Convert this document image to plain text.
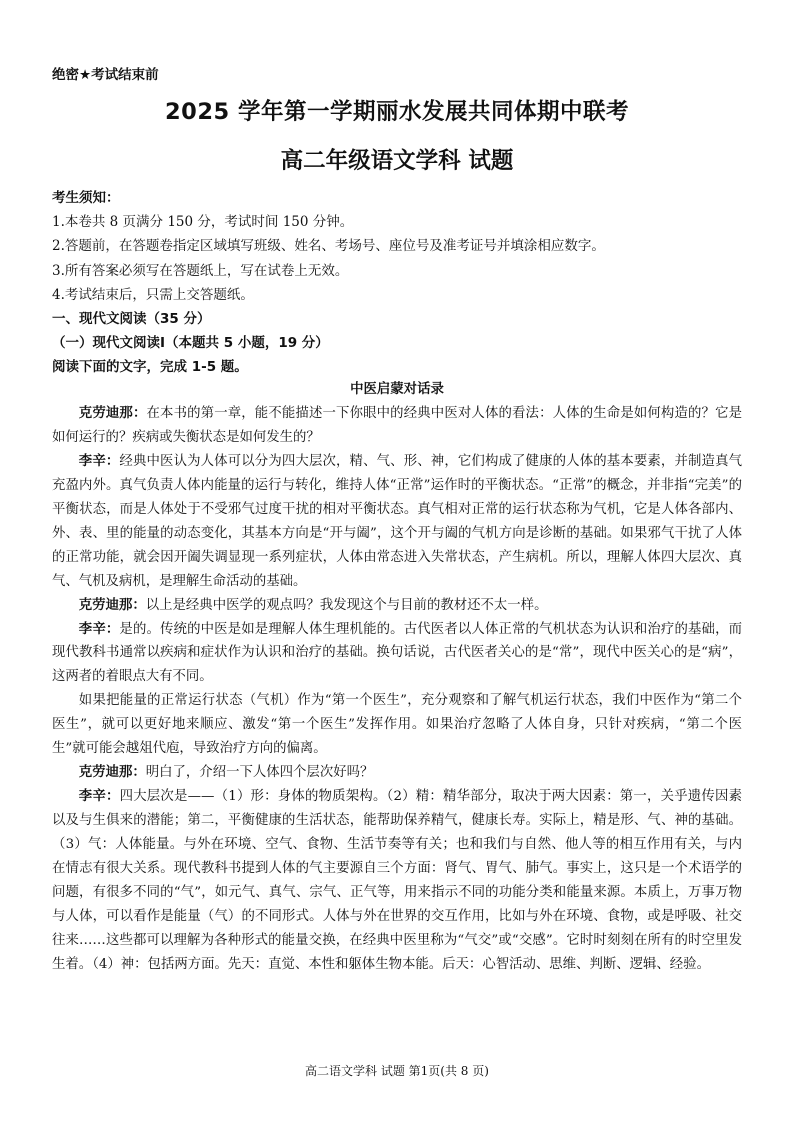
绝密★考试结束前
2025 学年第一学期丽水发展共同体期中联考
高二年级语文学科 试题
考生须知：
1.本卷共 8 页满分 150 分，考试时间 150 分钟。
2.答题前，在答题卷指定区域填写班级、姓名、考场号、座位号及准考证号并填涂相应数字。
3.所有答案必须写在答题纸上，写在试卷上无效。
4.考试结束后，只需上交答题纸。
一、现代文阅读（35 分）
（一）现代文阅读Ⅰ（本题共 5 小题，19 分）
阅读下面的文字，完成 1-5 题。
中医启蒙对话录

克劳迪那：在本书的第一章，能不能描述一下你眼中的经典中医对人体的看法：人体的生命是如何构造的？它是如何运行的？疾病或失衡状态是如何发生的？

李辛：经典中医认为人体可以分为四大层次，精、气、形、神，它们构成了健康的人体的基本要素，并制造真气充盈内外。真气负责人体内能量的运行与转化，维持人体“正常”运作时的平衡状态。“正常”的概念，并非指“完美”的平衡状态，而是人体处于不受邪气过度干扰的相对平衡状态。真气相对正常的运行状态称为气机，它是人体各部内、外、表、里的能量的动态变化，其基本方向是“开与阖”，这个开与阖的气机方向是诊断的基础。如果邪气干扰了人体的正常功能，就会因开阖失调显现一系列症状，人体由常态进入失常状态，产生病机。所以，理解人体四大层次、真气、气机及病机，是理解生命活动的基础。

克劳迪那：以上是经典中医学的观点吗？我发现这个与目前的教材还不太一样。

李辛：是的。传统的中医是如是理解人体生理机能的。古代医者以人体正常的气机状态为认识和治疗的基础，而现代教科书通常以疾病和症状作为认识和治疗的基础。换句话说，古代医者关心的是“常”，现代中医关心的是“病”，这两者的着眼点大有不同。

如果把能量的正常运行状态（气机）作为“第一个医生”，充分观察和了解气机运行状态，我们中医作为“第二个医生”，就可以更好地来顺应、激发“第一个医生”发挥作用。如果治疗忽略了人体自身，只针对疾病，“第二个医生”就可能会越俎代庖，导致治疗方向的偏离。

克劳迪那：明白了，介绍一下人体四个层次好吗？

李辛：四大层次是——（1）形：身体的物质架构。（2）精：精华部分，取决于两大因素：第一，关乎遗传因素以及与生俱来的潜能；第二，平衡健康的生活状态，能帮助保养精气，健康长寿。实际上，精是形、气、神的基础。（3）气：人体能量。与外在环境、空气、食物、生活节奏等有关；也和我们与自然、他人等的相互作用有关，与内在情志有很大关系。现代教科书提到人体的气主要源自三个方面：肾气、胃气、肺气。事实上，这只是一个术语学的问题，有很多不同的“气”，如元气、真气、宗气、正气等，用来指示不同的功能分类和能量来源。本质上，万事万物与人体，可以看作是能量（气）的不同形式。人体与外在世界的交互作用，比如与外在环境、食物，或是呼吸、社交往来……这些都可以理解为各种形式的能量交换，在经典中医里称为“气交”或“交感”。它时时刻刻在所有的时空里发生着。（4）神：包括两方面。先天：直觉、本性和躯体生物本能。后天：心智活动、思维、判断、逻辑、经验。

高二语文学科 试题 第1页(共 8 页)
